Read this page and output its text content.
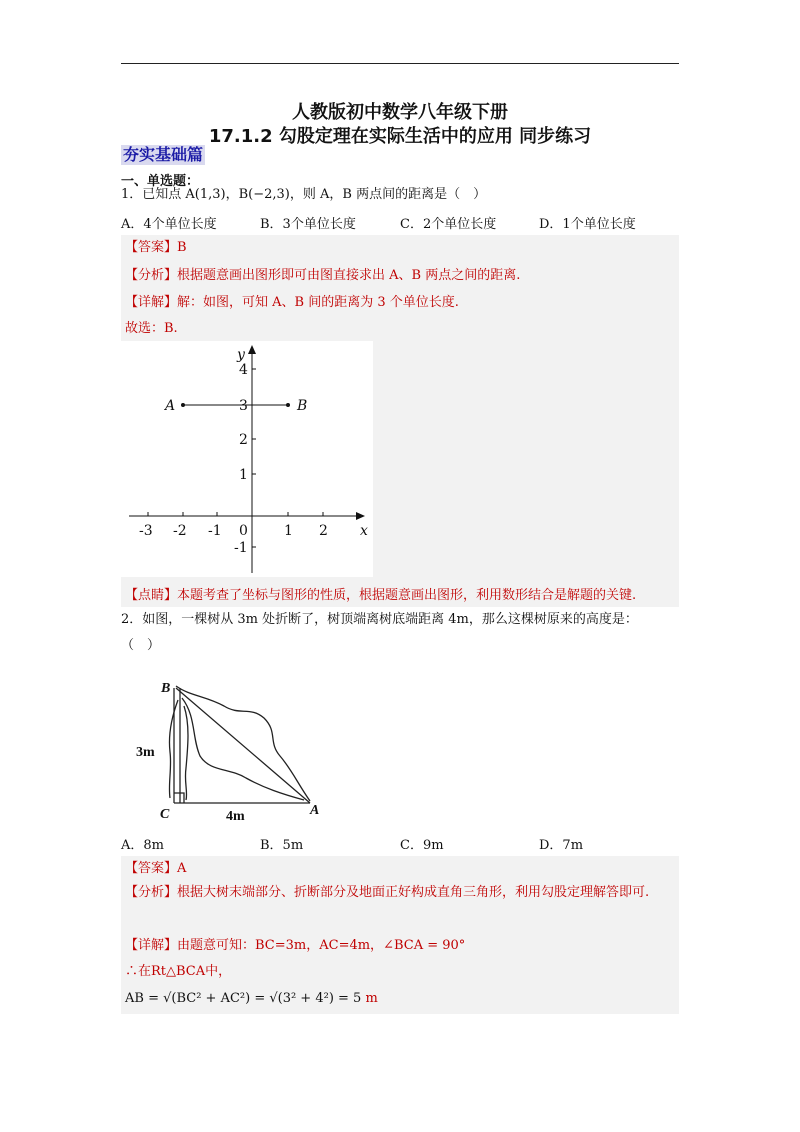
人教版初中数学八年级下册
17.1.2 勾股定理在实际生活中的应用 同步练习
夯实基础篇
一、单选题：
1．已知点 A(1,3)，B(−2,3)，则 A，B 两点间的距离是（　）
A．4个单位长度	B．3个单位长度	C．2个单位长度	D．1个单位长度
【答案】B
【分析】根据题意画出图形即可由图直接求出 A、B 两点之间的距离.
【详解】解：如图，可知 A、B 间的距离为 3 个单位长度.
故选：B.
A	B
y
x
4
3
2
1
-1
-3 -2 -1	1 2
0
【点睛】本题考查了坐标与图形的性质，根据题意画出图形，利用数形结合是解题的关键.
2．如图，一棵树从 3m 处折断了，树顶端离树底端距离 4m，那么这棵树原来的高度是：
（　）
B
C	A
3m
4m
A．8m	B．5m	C．9m	D．7m
【答案】A
【分析】根据大树末端部分、折断部分及地面正好构成直角三角形，利用勾股定理解答即可.
【详解】由题意可知：BC=3m，AC=4m，∠BCA = 90°
∴在Rt△BCA中，
AB = √(BC² + AC²) = √(3² + 4²) = 5 m
